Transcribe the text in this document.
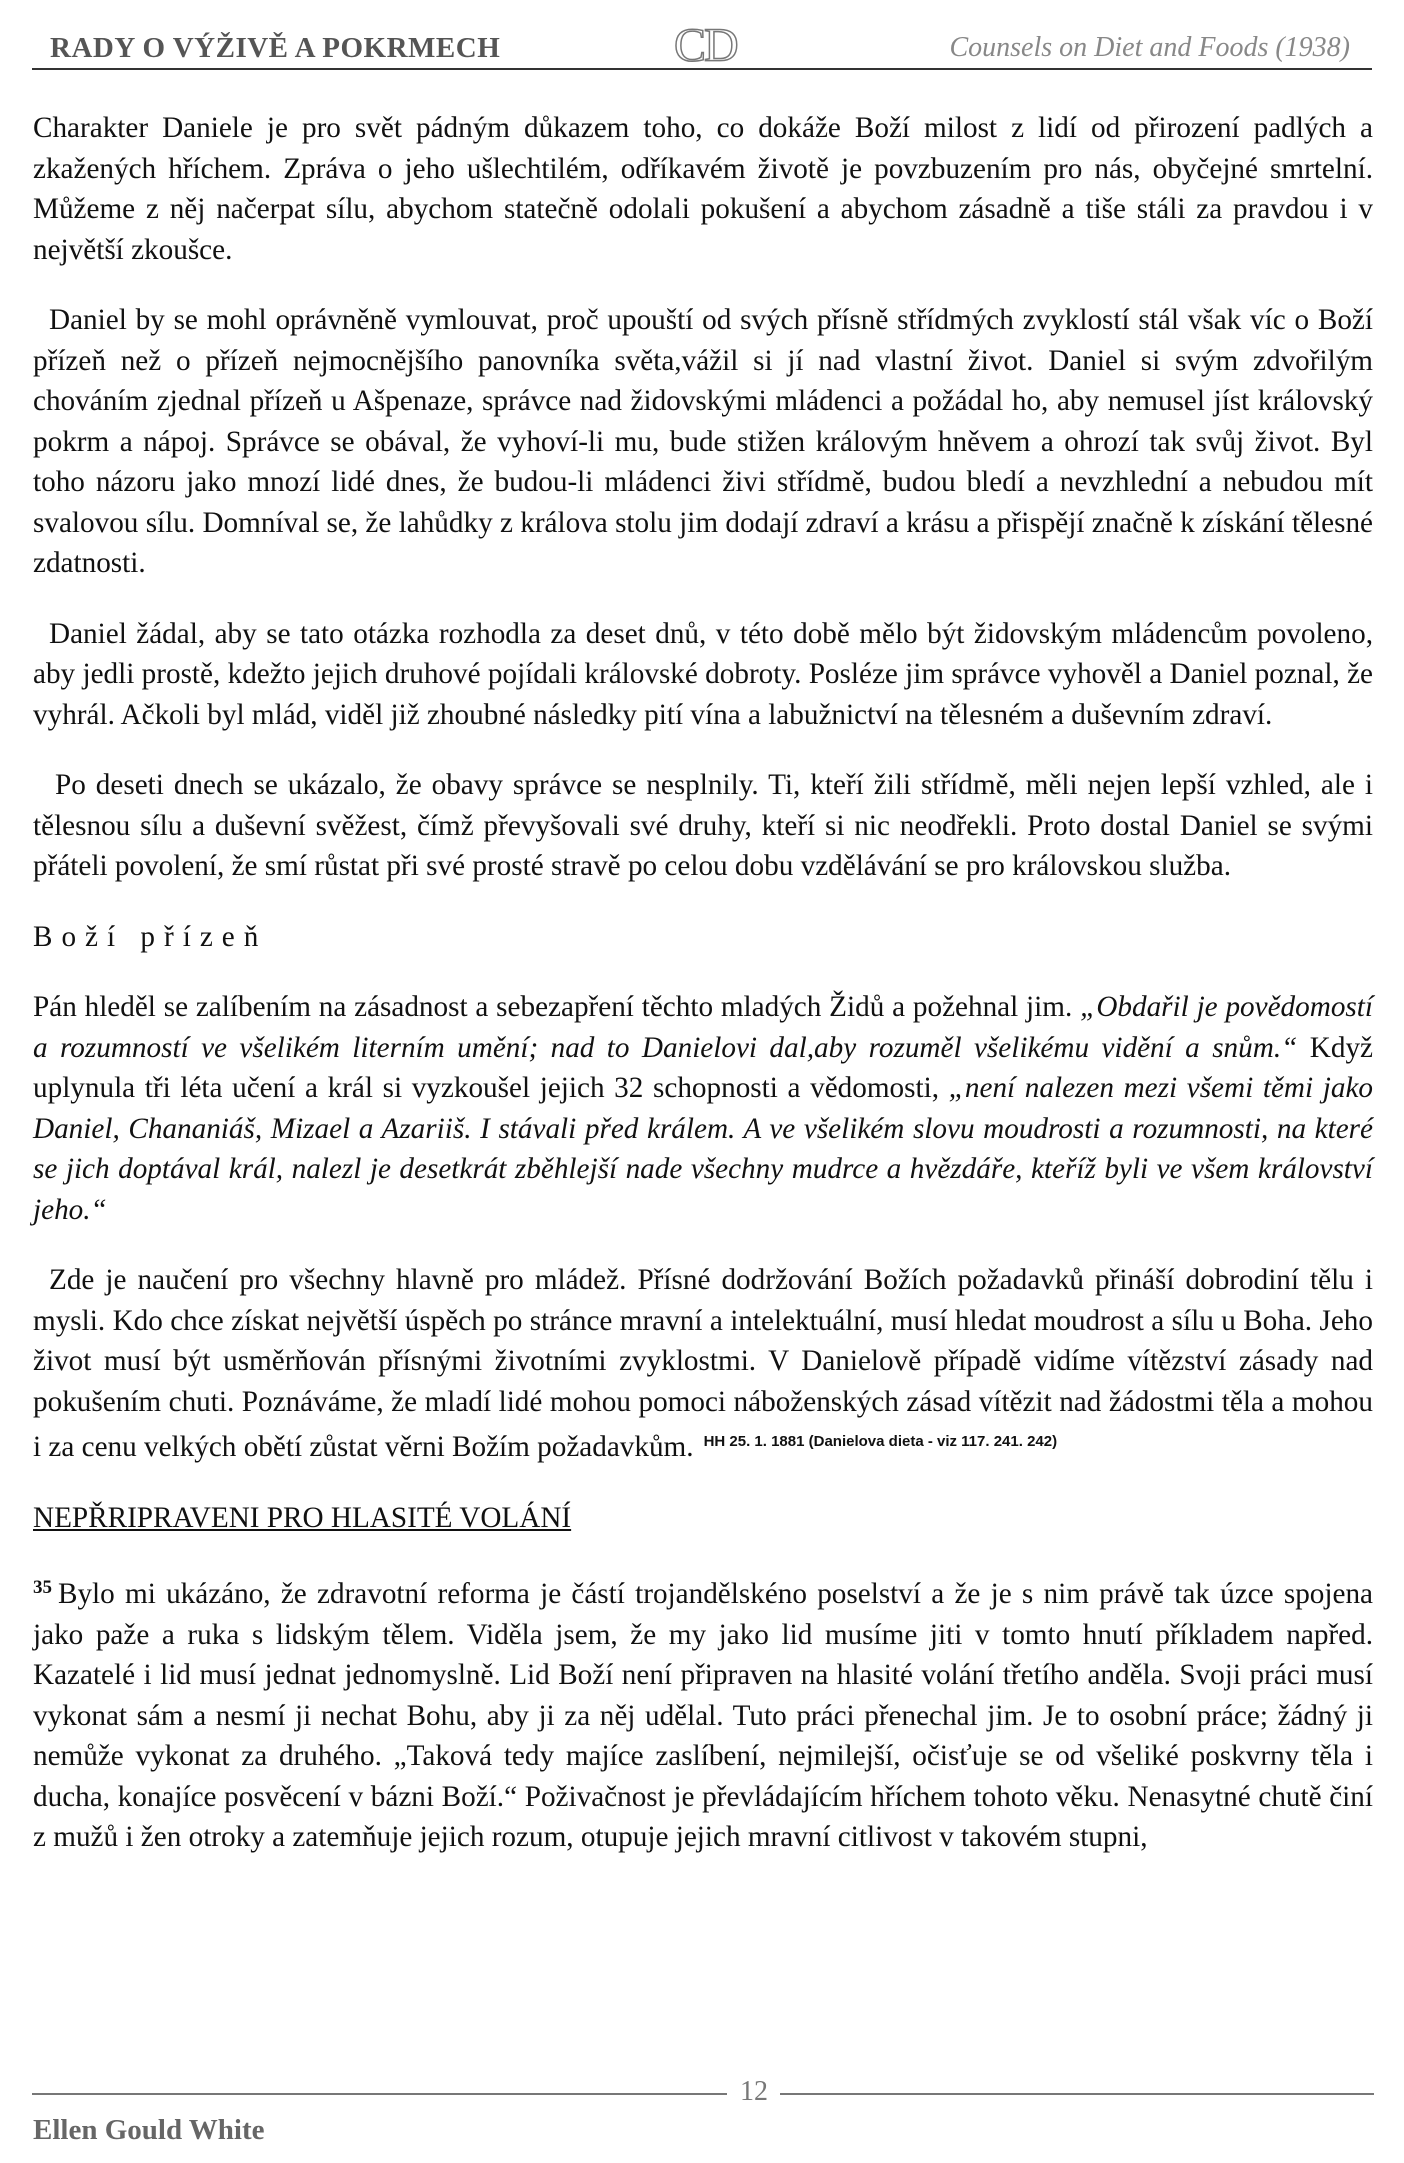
RADY O VÝŽIVĚ A POKRMECH	CD	Counsels on Diet and Foods (1938)

Charakter Daniele je pro svět pádným důkazem toho, co dokáže Boží milost z lidí od přirození padlých a zkažených hříchem. Zpráva o jeho ušlechtilém, odříkavém životě je povzbuzením pro nás, obyčejné smrtelní. Můžeme z něj načerpat sílu, abychom statečně odolali pokušení a abychom zásadně a tiše stáli za pravdou i v největší zkoušce.

Daniel by se mohl oprávněně vymlouvat, proč upouští od svých přísně střídmých zvyklostí stál však víc o Boží přízeň než o přízeň nejmocnějšího panovníka světa,vážil si jí nad vlastní život. Daniel si svým zdvořilým chováním zjednal přízeň u Ašpenaze, správce nad židovskými mládenci a požádal ho, aby nemusel jíst královský pokrm a nápoj. Správce se obával, že vyhoví-li mu, bude stižen královým hněvem a ohrozí tak svůj život. Byl toho názoru jako mnozí lidé dnes, že budou-li mládenci živi střídmě, budou bledí a nevzhlední a nebudou mít svalovou sílu. Domníval se, že lahůdky z králova stolu jim dodají zdraví a krásu a přispějí značně k získání tělesné zdatnosti.

Daniel žádal, aby se tato otázka rozhodla za deset dnů, v této době mělo být židovským mládencům povoleno, aby jedli prostě, kdežto jejich druhové pojídali královské dobroty. Posléze jim správce vyhověl a Daniel poznal, že vyhrál. Ačkoli byl mlád, viděl již zhoubné následky pití vína a labužnictví na tělesném a duševním zdraví.

Po deseti dnech se ukázalo, že obavy správce se nesplnily. Ti, kteří žili střídmě, měli nejen lepší vzhled, ale i tělesnou sílu a duševní svěžest, čímž převyšovali své druhy, kteří si nic neodřekli. Proto dostal Daniel se svými přáteli povolení, že smí růstat při své prosté stravě po celou dobu vzdělávání se pro královskou služba.

Boží přízeň

Pán hleděl se zalíbením na zásadnost a sebezapření těchto mladých Židů a požehnal jim. „Obdařil je povědomostí a rozumností ve všelikém literním umění; nad to Danielovi dal,aby rozuměl všelikému vidění a snům.“ Když uplynula tři léta učení a král si vyzkoušel jejich 32 schopnosti a vědomosti, „není nalezen mezi všemi těmi jako Daniel, Chananiáš, Mizael a Azariiš. I stávali před králem. A ve všelikém slovu moudrosti a rozumnosti, na které se jich doptával král, nalezl je desetkrát zběhlejší nade všechny mudrce a hvězdáře, kteříž byli ve všem království jeho.“

Zde je naučení pro všechny hlavně pro mládež. Přísné dodržování Božích požadavků přináší dobrodiní tělu i mysli. Kdo chce získat největší úspěch po stránce mravní a intelektuální, musí hledat moudrost a sílu u Boha. Jeho život musí být usměrňován přísnými životními zvyklostmi. V Danielově případě vidíme vítězství zásady nad pokušením chuti. Poznáváme, že mladí lidé mohou pomoci náboženských zásad vítězit nad žádostmi těla a mohou i za cenu velkých obětí zůstat věrni Božím požadavkům. $^{HH 25. 1. 1881 (Danielova dieta - viz 117. 241. 242)}$

NEPŘRIPRAVENI PRO HLASITÉ VOLÁNÍ

$^{35}$ Bylo mi ukázáno, že zdravotní reforma je částí trojandělskéno poselství a že je s nim právě tak úzce spojena jako paže a ruka s lidským tělem. Viděla jsem, že my jako lid musíme jiti v tomto hnutí příkladem napřed. Kazatelé i lid musí jednat jednomyslně. Lid Boží není připraven na hlasité volání třetího anděla. Svoji práci musí vykonat sám a nesmí ji nechat Bohu, aby ji za něj udělal. Tuto práci přenechal jim. Je to osobní práce; žádný ji nemůže vykonat za druhého. „Taková tedy majíce zaslíbení, nejmilejší, očisťuje se od všeliké poskvrny těla i ducha, konajíce posvěcení v bázni Boží.“ Poživačnost je převládajícím hříchem tohoto věku. Nenasytné chutě činí z mužů i žen otroky a zatemňuje jejich rozum, otupuje jejich mravní citlivost v takovém stupni,

12
Ellen Gould White
